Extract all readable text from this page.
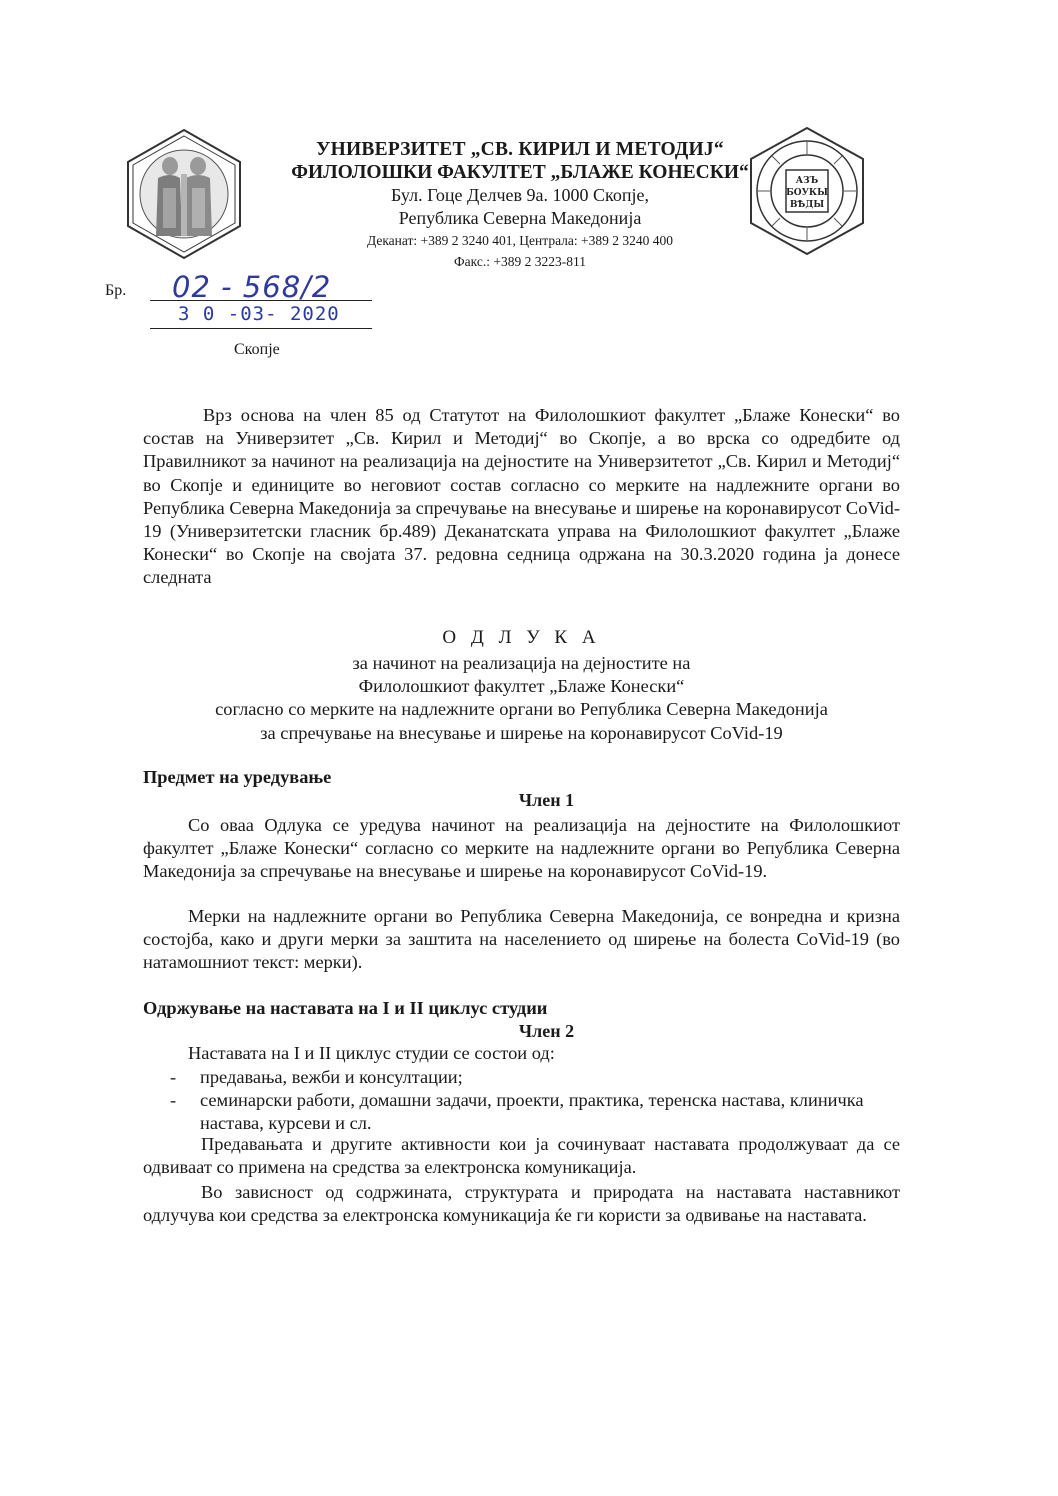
УНИВЕРЗИТЕТ „СВ. КИРИЛ И МЕТОДИЈ“
ФИЛОЛОШКИ ФАКУЛТЕТ „БЛАЖЕ КОНЕСКИ“
Бул. Гоце Делчев 9а. 1000 Скопје,
Република Северна Македонија
Деканат: +389 2 3240 401, Централа: +389 2 3240 400
Факс.: +389 2 3223-811
АЗЪ
БОУКЫ
ВѢДЫ
Бр. 02 - 568/2
3 0 -03- 2020
Скопје
Врз основа на член 85 од Статутот на Филолошкиот факултет „Блаже Конески“ во состав на Универзитет „Св. Кирил и Методиј“ во Скопје, а во врска со одредбите од Правилникот за начинот на реализација на дејностите на Универзитетот „Св. Кирил и Методиј“ во Скопје и единиците во неговиот состав согласно со мерките на надлежните органи во Република Северна Македонија за спречување на внесување и ширење на коронавирусот CoVid-19 (Универзитетски гласник бр.489) Деканатската управа на Филолошкиот факултет „Блаже Конески“ во Скопје на својата 37. редовна седница одржана на 30.3.2020 година ја донесе следната
О Д Л У К А
за начинот на реализација на дејностите на
Филолошкиот факултет „Блаже Конески“
согласно со мерките на надлежните органи во Република Северна Македонија
за спречување на внесување и ширење на коронавирусот CoVid-19
Предмет на уредување
Член 1
Со оваа Одлука се уредува начинот на реализација на дејностите на Филолошкиот факултет „Блаже Конески“ согласно со мерките на надлежните органи во Република Северна Македонија за спречување на внесување и ширење на коронавирусот CoVid-19.
Мерки на надлежните органи во Република Северна Македонија, се вонредна и кризна состојба, како и други мерки за заштита на населението од ширење на болеста CoVid-19 (во натамошниот текст: мерки).
Одржување на наставата на I и II циклус студии
Член 2
Наставата на I и II циклус студии се состои од:
-	предавања, вежби и консултации;
-	семинарски работи, домашни задачи, проекти, практика, теренска настава, клиничка настава, курсеви и сл.
Предавањата и другите активности кои ја сочинуваат наставата продолжуваат да се одвиваат со примена на средства за електронска комуникација.
Во зависност од содржината, структурата и природата на наставата наставникот одлучува кои средства за електронска комуникација ќе ги користи за одвивање на наставата.
